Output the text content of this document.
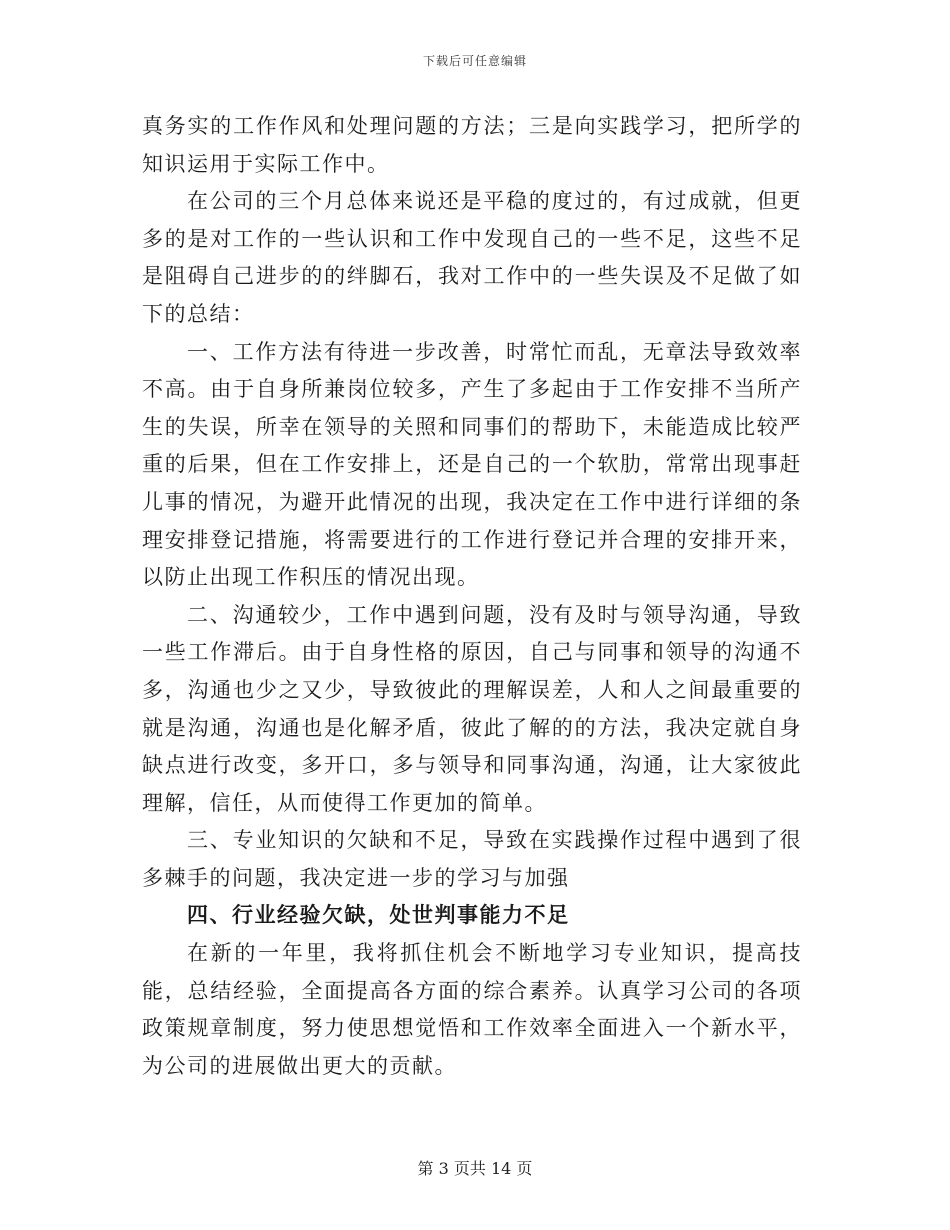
下载后可任意编辑

真务实的工作作风和处理问题的方法；三是向实践学习，把所学的知识运用于实际工作中。

在公司的三个月总体来说还是平稳的度过的，有过成就，但更多的是对工作的一些认识和工作中发现自己的一些不足，这些不足是阻碍自己进步的的绊脚石，我对工作中的一些失误及不足做了如下的总结：

一、工作方法有待进一步改善，时常忙而乱，无章法导致效率不高。由于自身所兼岗位较多，产生了多起由于工作安排不当所产生的失误，所幸在领导的关照和同事们的帮助下，未能造成比较严重的后果，但在工作安排上，还是自己的一个软肋，常常出现事赶儿事的情况，为避开此情况的出现，我决定在工作中进行详细的条理安排登记措施，将需要进行的工作进行登记并合理的安排开来，以防止出现工作积压的情况出现。

二、沟通较少，工作中遇到问题，没有及时与领导沟通，导致一些工作滞后。由于自身性格的原因，自己与同事和领导的沟通不多，沟通也少之又少，导致彼此的理解误差，人和人之间最重要的就是沟通，沟通也是化解矛盾，彼此了解的的方法，我决定就自身缺点进行改变，多开口，多与领导和同事沟通，沟通，让大家彼此理解，信任，从而使得工作更加的简单。

三、专业知识的欠缺和不足，导致在实践操作过程中遇到了很多棘手的问题，我决定进一步的学习与加强

四、行业经验欠缺，处世判事能力不足

在新的一年里，我将抓住机会不断地学习专业知识，提高技能，总结经验，全面提高各方面的综合素养。认真学习公司的各项政策规章制度，努力使思想觉悟和工作效率全面进入一个新水平，为公司的进展做出更大的贡献。

第 3 页共 14 页
